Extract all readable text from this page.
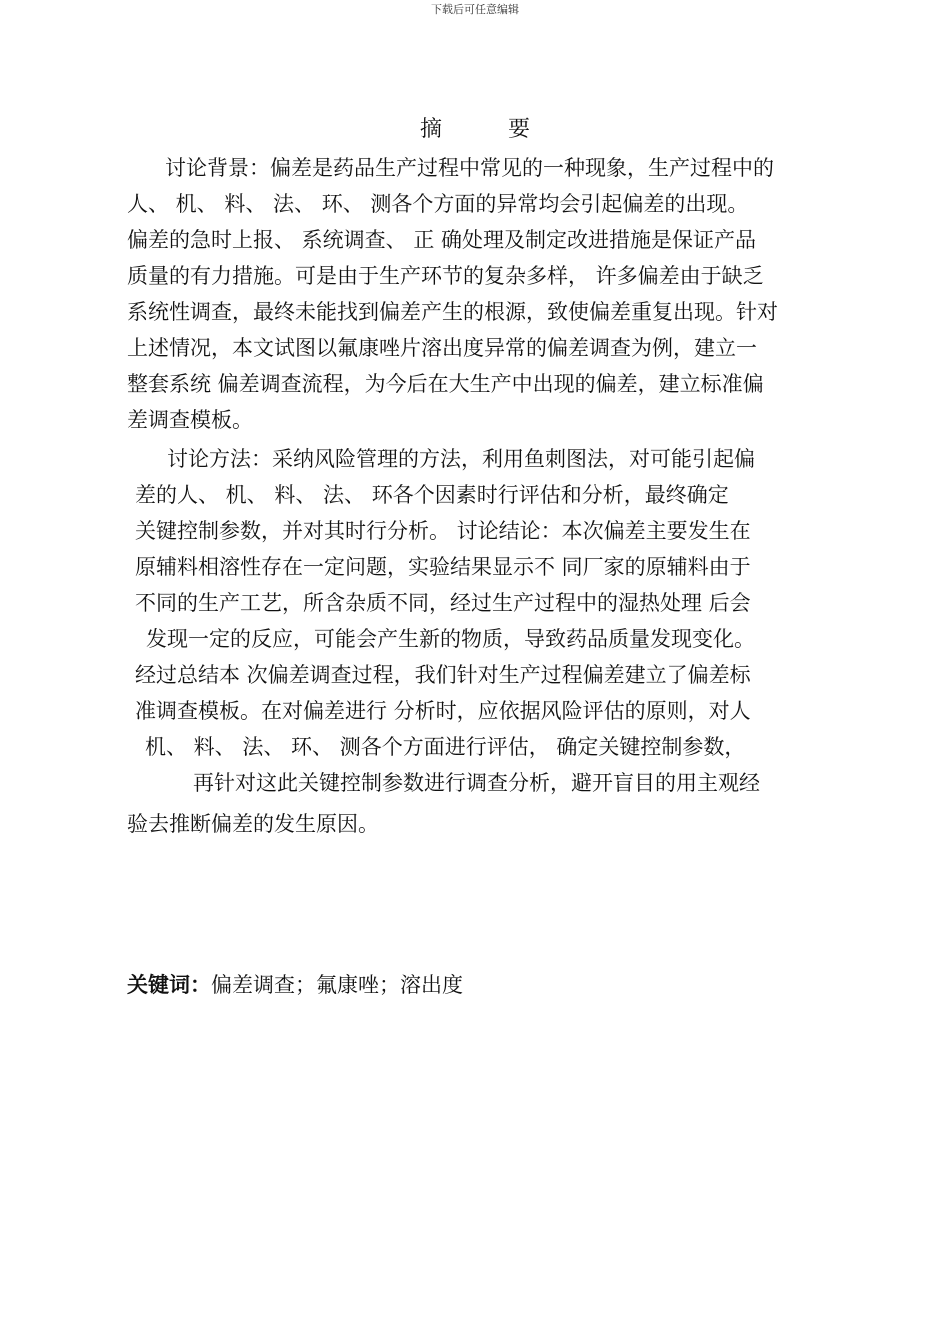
下载后可任意编辑
摘	要
讨论背景：偏差是药品生产过程中常见的一种现象，生产过程中的
人、 机、 料、 法、 环、 测各个方面的异常均会引起偏差的出现。
偏差的急时上报、 系统调查、 正 确处理及制定改进措施是保证产品
质量的有力措施。可是由于生产环节的复杂多样， 许多偏差由于缺乏
系统性调查，最终未能找到偏差产生的根源，致使偏差重复出现。针对
上述情况，本文试图以氟康唑片溶出度异常的偏差调查为例，建立一
整套系统 偏差调查流程，为今后在大生产中出现的偏差，建立标准偏
差调查模板。
讨论方法：采纳风险管理的方法，利用鱼刺图法，对可能引起偏
差的人、 机、 料、 法、 环各个因素时行评估和分析，最终确定
关键控制参数，并对其时行分析。 讨论结论：本次偏差主要发生在
原辅料相溶性存在一定问题，实验结果显示不 同厂家的原辅料由于
不同的生产工艺，所含杂质不同，经过生产过程中的湿热处理 后会
发现一定的反应，可能会产生新的物质，导致药品质量发现变化。
经过总结本 次偏差调查过程，我们针对生产过程偏差建立了偏差标
准调查模板。在对偏差进行 分析时，应依据风险评估的原则，对人
机、 料、 法、 环、 测各个方面进行评估， 确定关键控制参数，
再针对这此关键控制参数进行调查分析，避开盲目的用主观经
验去推断偏差的发生原因。
关键词：偏差调查；氟康唑；溶出度
